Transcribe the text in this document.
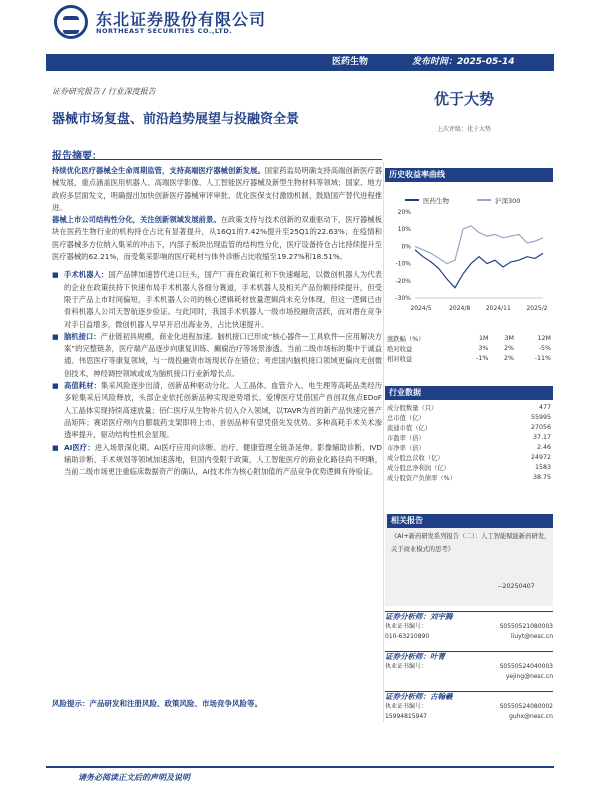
东北证券股份有限公司
NORTHEAST SECURITIES CO.,LTD.
医药生物	发布时间：2025-05-14
证券研究报告 / 行业深度报告	优于大势
器械市场复盘、前沿趋势展望与投融资全景
上次评级：优于大势
报告摘要：

持续优化医疗器械全生命周期监管，支持高端医疗器械创新发展。国家药监局明确支持高端创新医疗器械发展，重点涵盖医用机器人、高端医学影像、人工智能医疗器械及新型生物材料等领域；国家、地方政府多层面发文，明确提出加快创新医疗器械审评审批、优化医保支付激励机制、鼓励国产替代进程推进。

器械上市公司结构性分化，关注创新领域发展前景。在政策支持与技术创新的双重驱动下，医疗器械板块在医药生物行业的机构持仓占比有显著提升，从16Q1的7.42%提升至25Q1的22.63%；在疫情和医疗器械多方位纳入集采的冲击下，内部子板块出现监管的结构性分化，医疗设备持仓占比持续提升至医疗器械的62.21%，而受集采影响的医疗耗材与体外诊断占比收缩至19.27%和18.51%。

■ 手术机器人：国产品牌加速替代进口巨头，国产厂商在政策红利下快速崛起，以微创机器人为代表的企业在政策扶持下快速布局手术机器人各细分赛道，手术机器人及相关产品份额持续提升，但受限于产品上市时间偏短，手术机器人公司的核心逻辑耗材放量逻辑尚未充分体现，但这一逻辑已由骨科机器人公司天智航逐步验证。与此同时，我国手术机器人一级市场投融资活跃，而对潜在竞争对手日益增多，微创机器人早早开启出海业务，占比快速提升。

■ 脑机接口：产业链初具规模，商业化进程加速。脑机接口已形成“核心器件—工具软件—应用解决方案”的完整链条，医疗端产品逐步向康复训练、癫痫治疗等场景渗透。当前二级市场标的集中于诚益通、伟思医疗等康复领域，与一级投融资市场现状存在错位；考虑国内脑机接口领域更偏向无创微创技术，神经调控领域或成为脑机接口行业新增长点。

■ 高值耗材：集采风险逐步出清，创新品种驱动分化。人工晶体、血管介入、电生理等高耗品类经历多轮集采后风险释放，头部企业依托创新品种实现逆势增长。爱博医疗凭借国产首创双焦点EDoF人工晶体实现持续高速放量；佰仁医疗从生物补片切入介入领域，以TAVR为首的新产品快速完善产品矩阵；赛诺医疗颅内自膨载药支架即将上市，首创品种有望凭借先发优势。多种高耗手术关术渗透率提升，驱动结构性机会显现。

■ AI医疗：进入场景深化期。AI医疗应用向诊断、治疗、健康管理全链条延伸。影像辅助诊断、IVD辅助诊断、手术规划等领域加速落地，但国内受限于政策，人工智能医疗的商业化路径尚不明晰，当前二级市场更注重临床数据资产的确认，AI技术作为核心附加值的产品竞争优势逻辑有待验证。

风险提示：产品研发和注册风险、政策风险、市场竞争风险等。
历史收益率曲线
医药生物	沪深300
20%
10%
0%
-10%
-20%
-30%
2024/5	2024/8	2024/11	2025/2
涨跌幅（%）	1M	3M	12M
绝对收益	3%	2%	-5%
相对收益	-1%	2%	-11%
行业数据
成分股数量（只）	477
总市值（亿）	55995
流通市值（亿）	27056
市盈率（倍）	37.17
市净率（倍）	2.46
成分股总营收（亿）	24972
成分股总净利润（亿）	1583
成分股资产负债率（%）	38.75
相关报告
《AI+新药研发系列报告（二）：人工智能赋能新药研发，关于商业模式的思考》
--20250407
证券分析师：刘宇腾
执业证书编号：	S0550521080003
010-63210890	liuyt@nesc.cn
证券分析师：叶菁
执业证书编号：	S0550524040003
yejing@nesc.cn
证券分析师：古翰羲
执业证书编号：	S0550524080002
15994815947	guhx@nesc.cn
请务必阅读正文后的声明及说明
